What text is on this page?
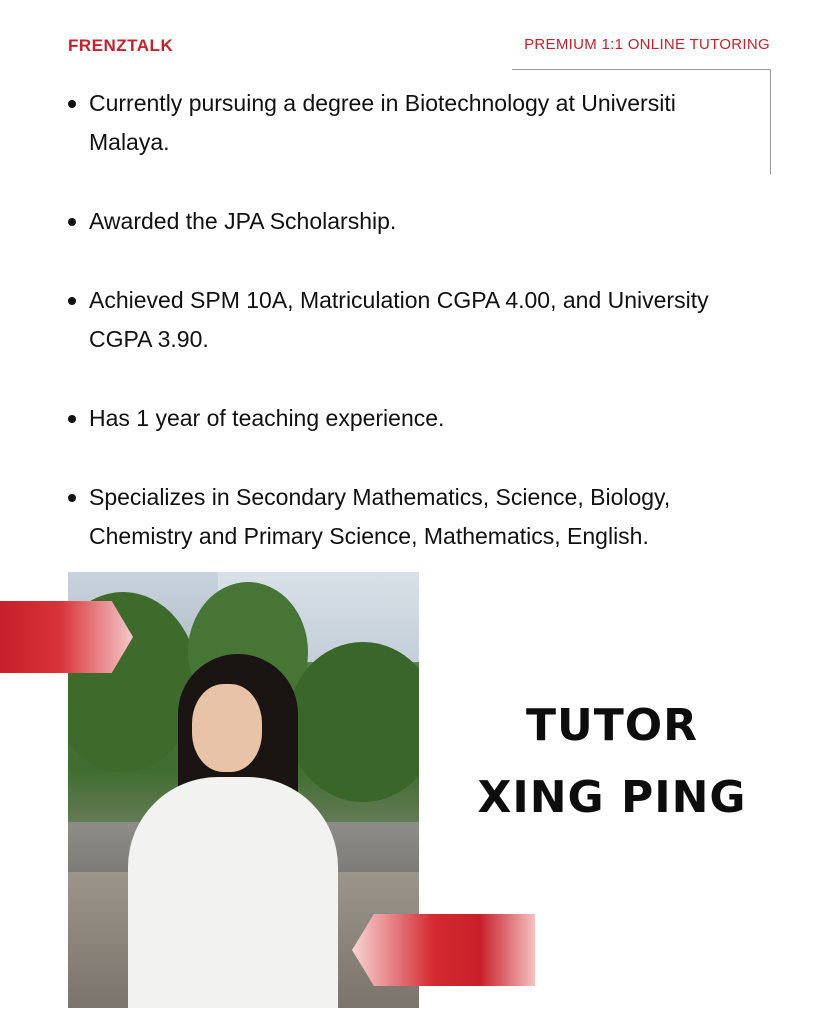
FRENZTALK	PREMIUM 1:1 ONLINE TUTORING
Currently pursuing a degree in Biotechnology at Universiti Malaya.
Awarded the JPA Scholarship.
Achieved SPM 10A, Matriculation CGPA 4.00, and University CGPA 3.90.
Has 1 year of teaching experience.
Specializes in Secondary Mathematics, Science, Biology, Chemistry and Primary Science, Mathematics, English.
TUTOR
XING PING
